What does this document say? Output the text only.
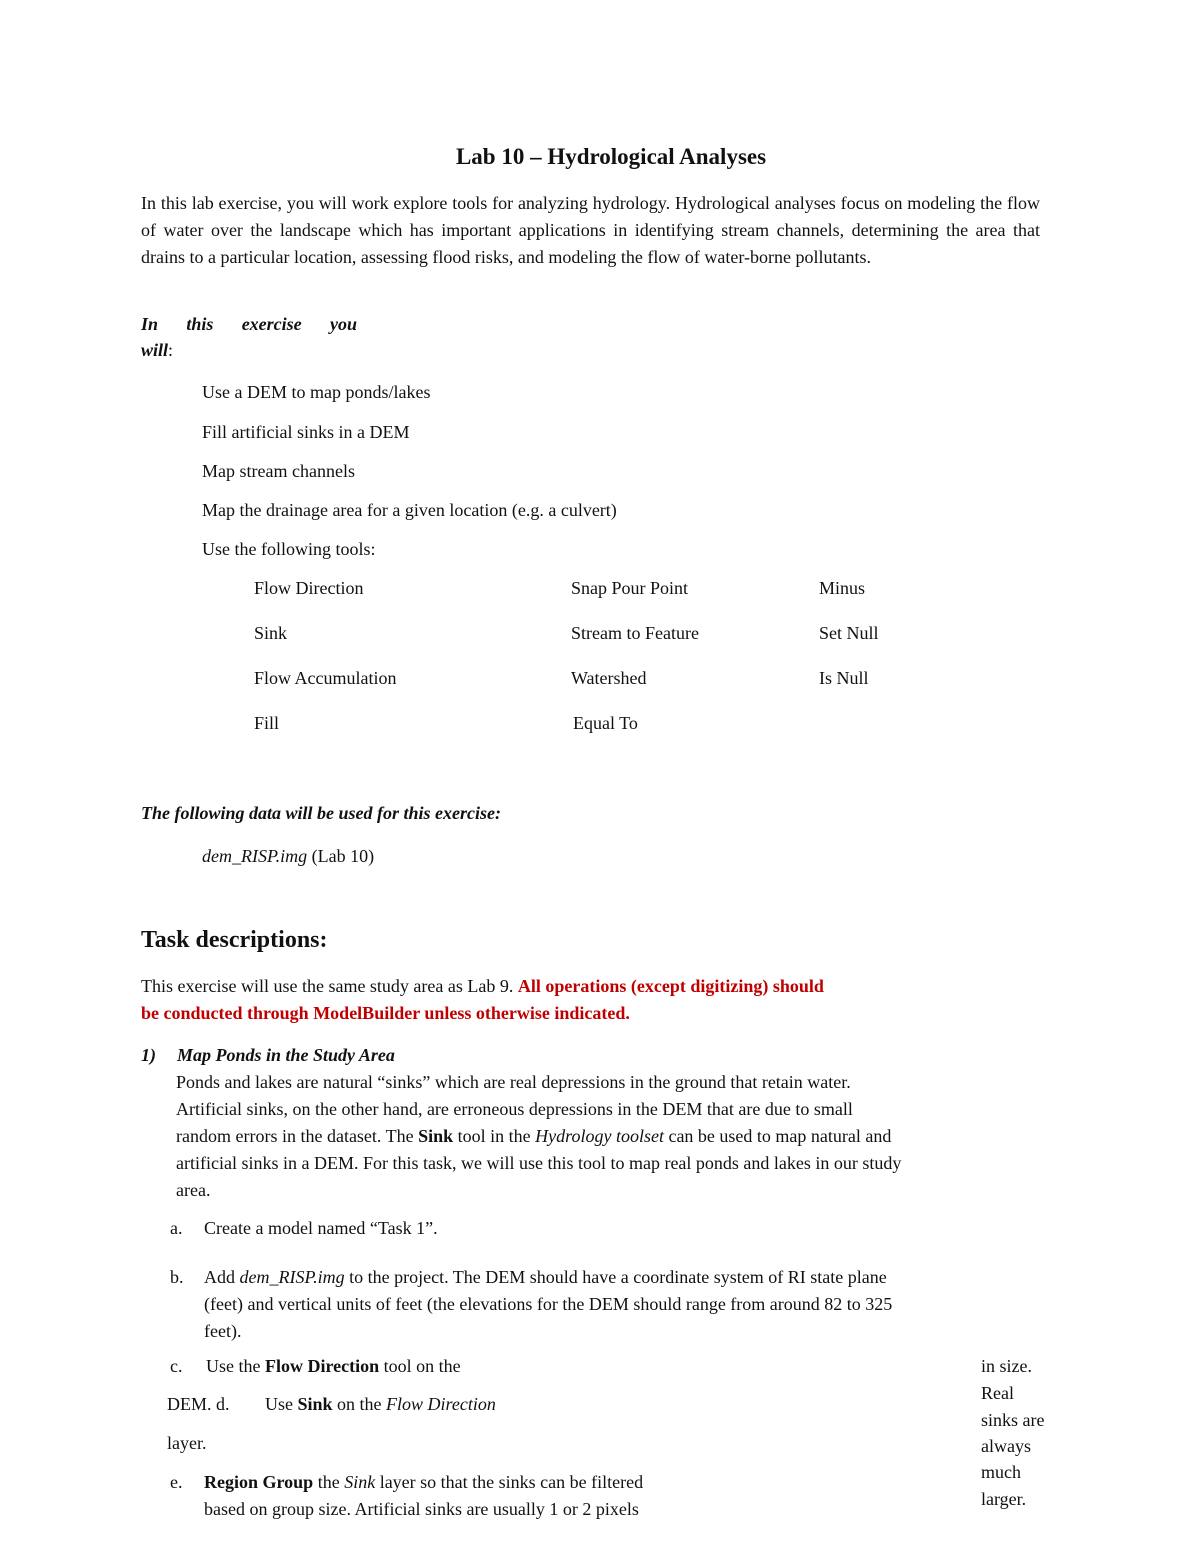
Lab 10 – Hydrological Analyses
In this lab exercise, you will work explore tools for analyzing hydrology. Hydrological analyses focus on modeling the flow of water over the landscape which has important applications in identifying stream channels, determining the area that drains to a particular location, assessing flood risks, and modeling the flow of water-borne pollutants.
In this exercise you
will:
Use a DEM to map ponds/lakes
Fill artificial sinks in a DEM
Map stream channels
Map the drainage area for a given location (e.g. a culvert)
Use the following tools:
Flow Direction	Snap Pour Point	Minus
Sink	Stream to Feature	Set Null
Flow Accumulation	Watershed	Is Null
Fill	Equal To
The following data will be used for this exercise:
dem_RISP.img (Lab 10)
Task descriptions:
This exercise will use the same study area as Lab 9. All operations (except digitizing) should
be conducted through ModelBuilder unless otherwise indicated.
1) Map Ponds in the Study Area
Ponds and lakes are natural “sinks” which are real depressions in the ground that retain water.
Artificial sinks, on the other hand, are erroneous depressions in the DEM that are due to small
random errors in the dataset. The Sink tool in the Hydrology toolset can be used to map natural and
artificial sinks in a DEM. For this task, we will use this tool to map real ponds and lakes in our study
area.
a. Create a model named “Task 1”.
b. Add dem_RISP.img to the project. The DEM should have a coordinate system of RI state plane
(feet) and vertical units of feet (the elevations for the DEM should range from around 82 to 325
feet).
c. Use the Flow Direction tool on the
DEM. d. Use Sink on the Flow Direction
layer.
e. Region Group the Sink layer so that the sinks can be filtered
based on group size. Artificial sinks are usually 1 or 2 pixels
in size.
Real
sinks are
always
much
larger.
